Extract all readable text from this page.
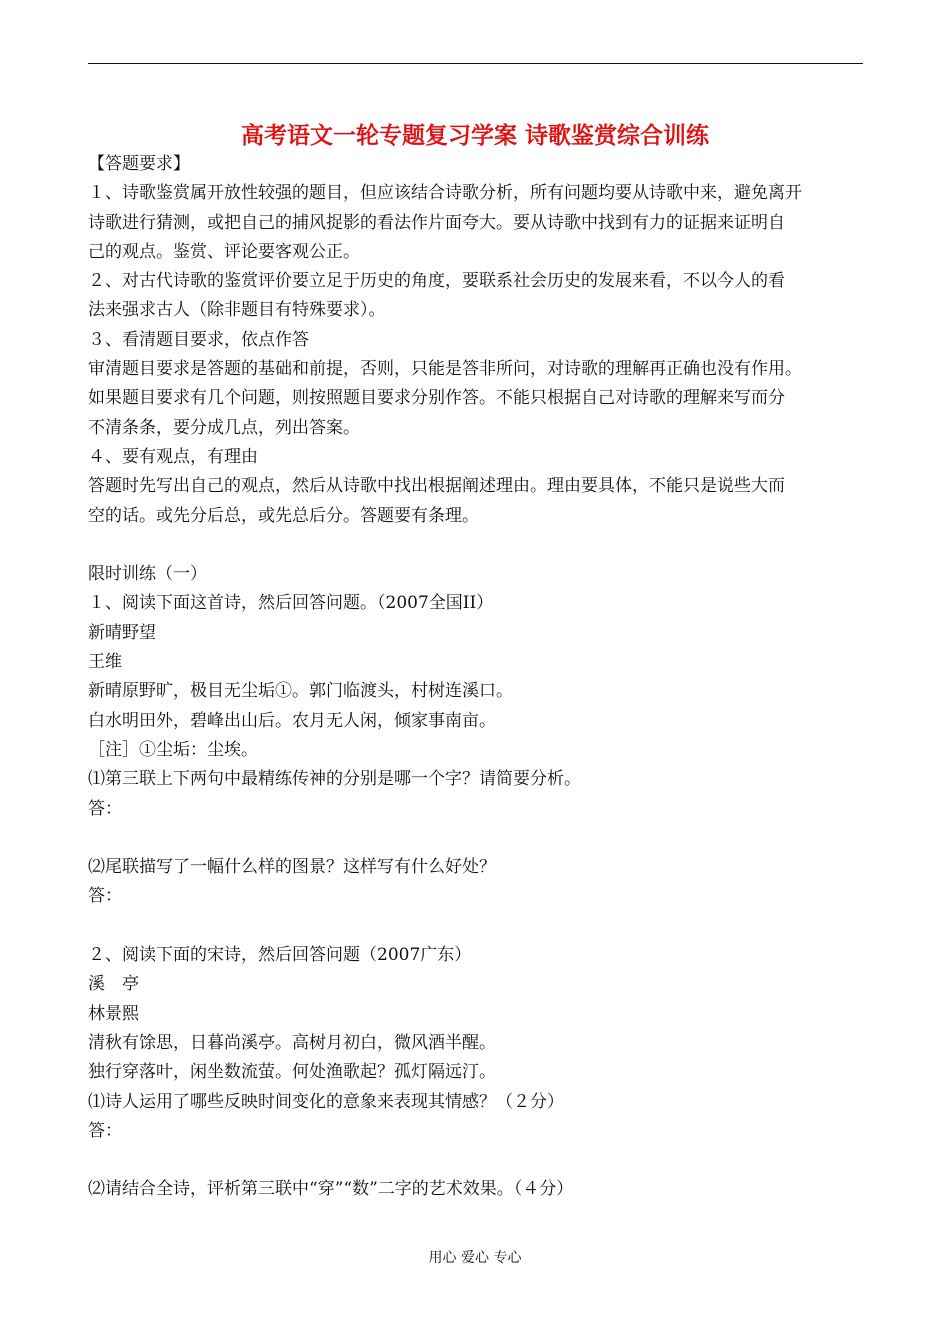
高考语文一轮专题复习学案 诗歌鉴赏综合训练
【答题要求】
１、诗歌鉴赏属开放性较强的题目，但应该结合诗歌分析，所有问题均要从诗歌中来，避免离开
诗歌进行猜测，或把自己的捕风捉影的看法作片面夸大。要从诗歌中找到有力的证据来证明自
己的观点。鉴赏、评论要客观公正。
２、对古代诗歌的鉴赏评价要立足于历史的角度，要联系社会历史的发展来看，不以今人的看
法来强求古人（除非题目有特殊要求）。
３、看清题目要求，依点作答
审清题目要求是答题的基础和前提，否则，只能是答非所问，对诗歌的理解再正确也没有作用。
如果题目要求有几个问题，则按照题目要求分别作答。不能只根据自己对诗歌的理解来写而分
不清条条，要分成几点，列出答案。
４、要有观点，有理由
答题时先写出自己的观点，然后从诗歌中找出根据阐述理由。理由要具体，不能只是说些大而
空的话。或先分后总，或先总后分。答题要有条理。
限时训练（一）
１、阅读下面这首诗，然后回答问题。（2007全国II）
新晴野望
王维
新晴原野旷，极目无尘垢①。郭门临渡头，村树连溪口。
白水明田外，碧峰出山后。农月无人闲，倾家事南亩。
［注］①尘垢：尘埃。
⑴第三联上下两句中最精练传神的分别是哪一个字？请简要分析。
答：
⑵尾联描写了一幅什么样的图景？这样写有什么好处？
答：
２、阅读下面的宋诗，然后回答问题（2007广东）
溪　亭
林景熙
清秋有馀思，日暮尚溪亭。高树月初白，微风酒半醒。
独行穿落叶，闲坐数流萤。何处渔歌起？孤灯隔远汀。
⑴诗人运用了哪些反映时间变化的意象来表现其情感？（２分）
答：
⑵请结合全诗，评析第三联中“穿”“数”二字的艺术效果。（４分）
用心 爱心 专心
